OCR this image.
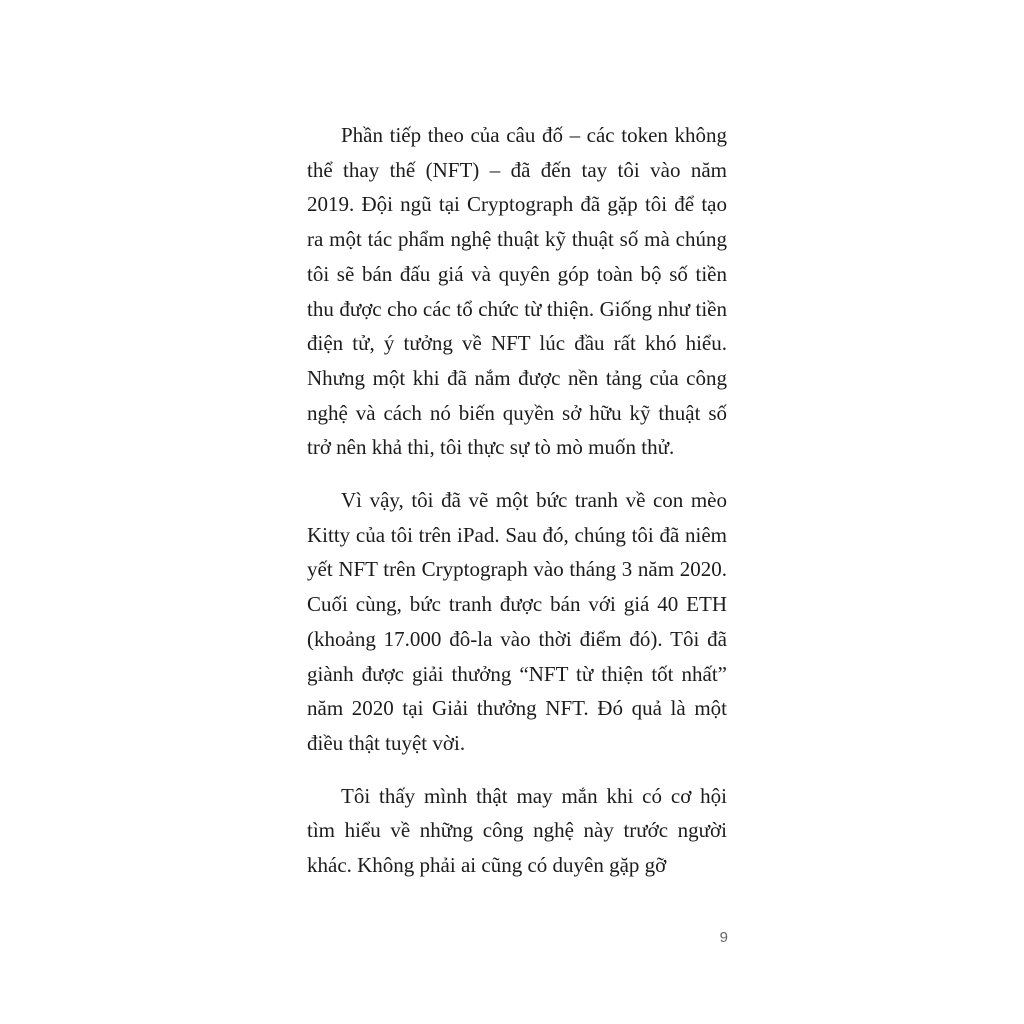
Phần tiếp theo của câu đố – các token không thể thay thế (NFT) – đã đến tay tôi vào năm 2019. Đội ngũ tại Cryptograph đã gặp tôi để tạo ra một tác phẩm nghệ thuật kỹ thuật số mà chúng tôi sẽ bán đấu giá và quyên góp toàn bộ số tiền thu được cho các tổ chức từ thiện. Giống như tiền điện tử, ý tưởng về NFT lúc đầu rất khó hiểu. Nhưng một khi đã nắm được nền tảng của công nghệ và cách nó biến quyền sở hữu kỹ thuật số trở nên khả thi, tôi thực sự tò mò muốn thử.

Vì vậy, tôi đã vẽ một bức tranh về con mèo Kitty của tôi trên iPad. Sau đó, chúng tôi đã niêm yết NFT trên Cryptograph vào tháng 3 năm 2020. Cuối cùng, bức tranh được bán với giá 40 ETH (khoảng 17.000 đô-la vào thời điểm đó). Tôi đã giành được giải thưởng “NFT từ thiện tốt nhất” năm 2020 tại Giải thưởng NFT. Đó quả là một điều thật tuyệt vời.

Tôi thấy mình thật may mắn khi có cơ hội tìm hiểu về những công nghệ này trước người khác. Không phải ai cũng có duyên gặp gỡ

9
